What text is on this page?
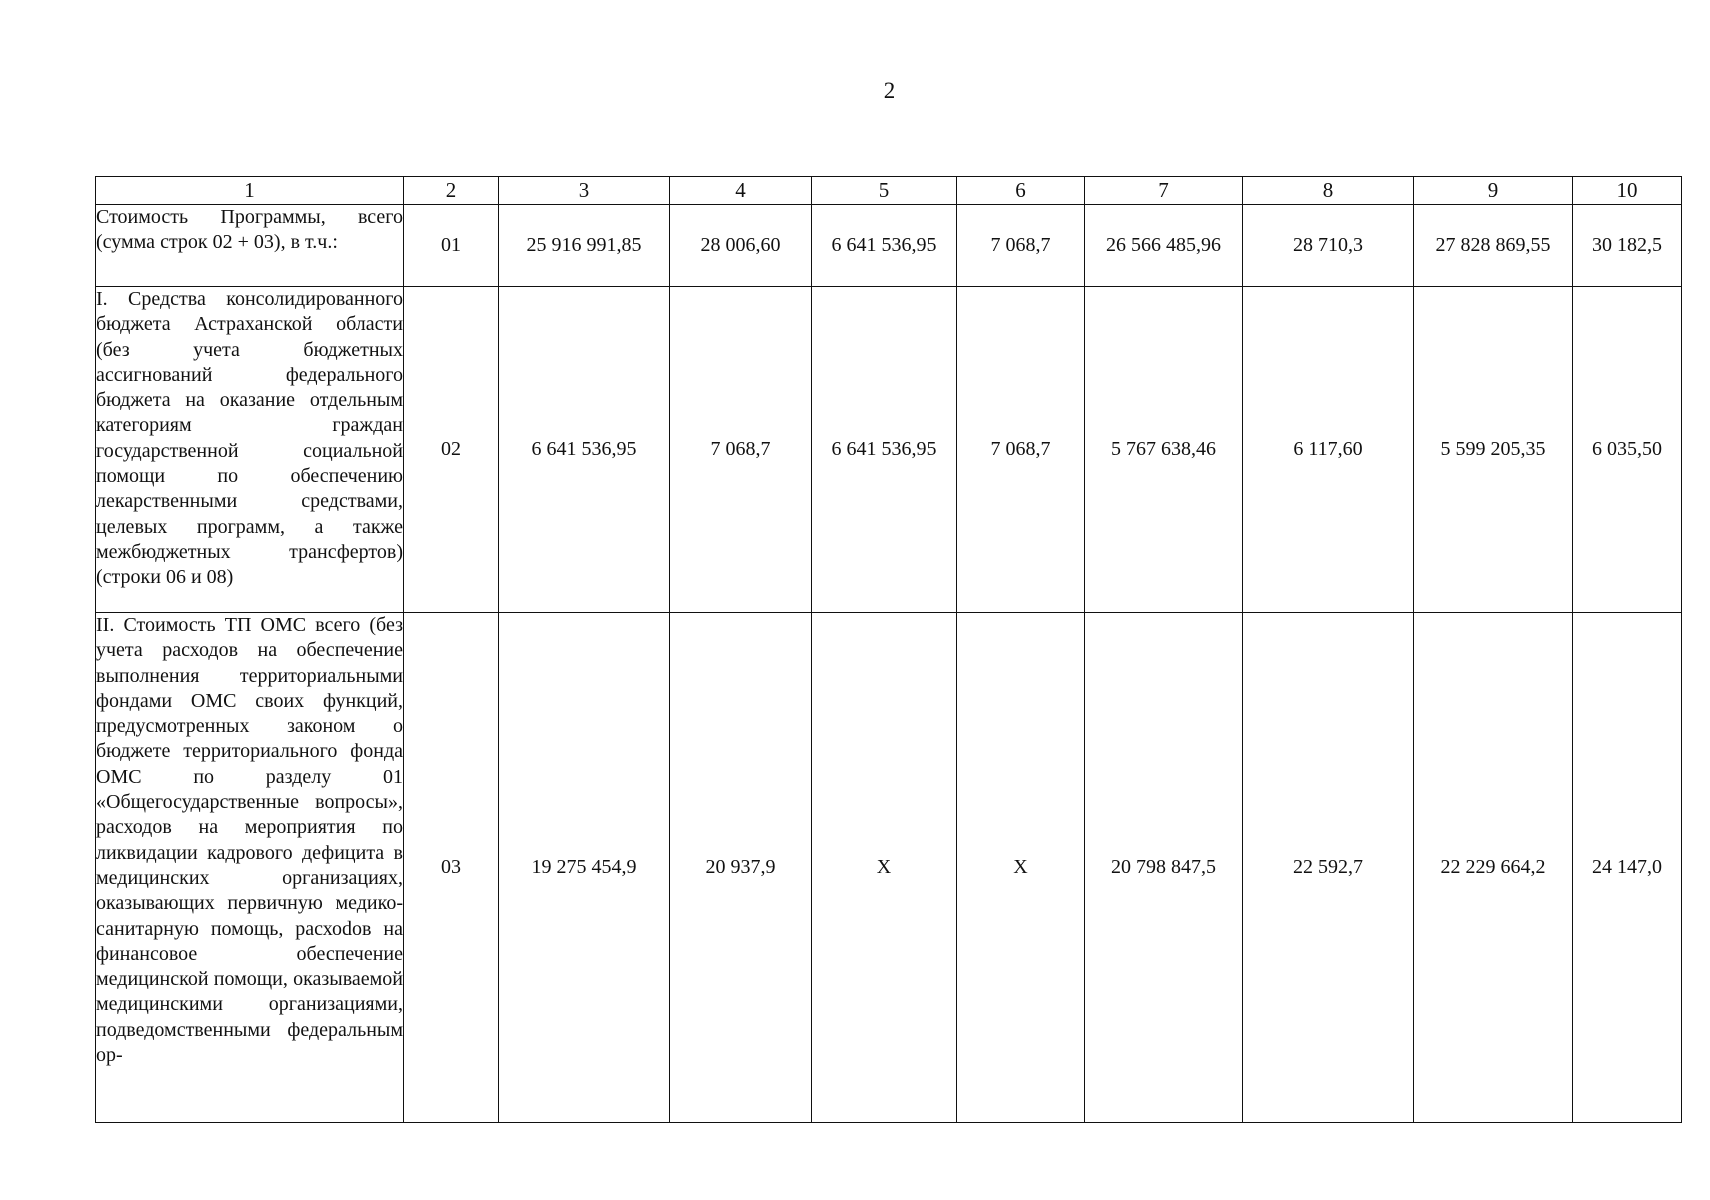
2
1	2	3	4	5	6	7	8	9	10
Стоимость Программы, всего (сумма строк 02 + 03), в т.ч.:	01	25 916 991,85	28 006,60	6 641 536,95	7 068,7	26 566 485,96	28 710,3	27 828 869,55	30 182,5
I. Средства консолидированного бюджета Астраханской области (без учета бюджетных ассигнований федерального бюджета на оказание отдельным категориям граждан государственной социальной помощи по обеспечению лекарственными средствами, целевых программ, а также межбюджетных трансфертов) (строки 06 и 08)	02	6 641 536,95	7 068,7	6 641 536,95	7 068,7	5 767 638,46	6 117,60	5 599 205,35	6 035,50

II. Стоимость ТП ОМС всего (без учета расходов на обеспечение выполнения территориальными фондами ОМС своих функций, предусмотренных законом о бюджете территориального фонда ОМС по разделу 01 «Общегосударственные вопросы», расходов на мероприятия по ликвидации кадрового дефицита в медицинских организациях, оказывающих первичную медико-санитарную помощь, расхоdов на финансовое обеспечение медицинской помощи, оказываемой медицинскими организациями, подведомственными федеральным ор-	03	19 275 454,9	20 937,9	X	X	20 798 847,5	22 592,7	22 229 664,2	24 147,0
